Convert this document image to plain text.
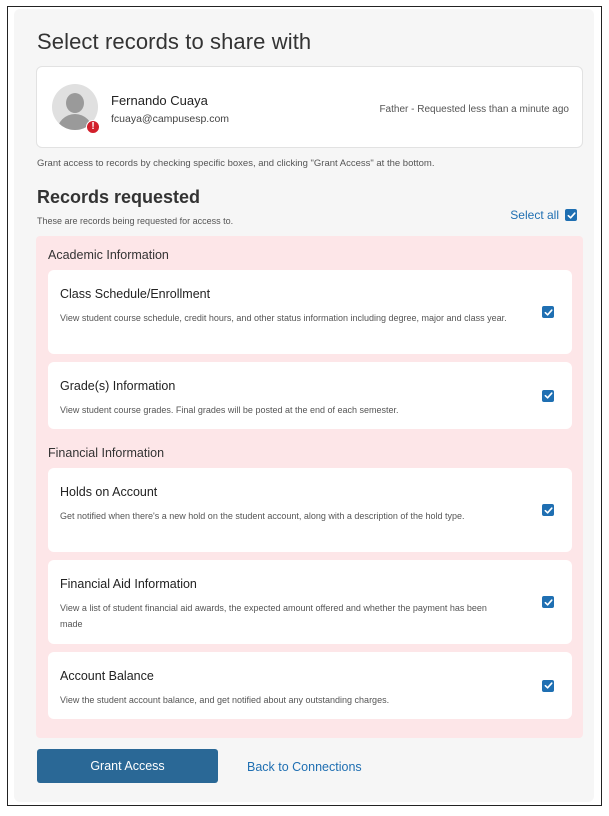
Select records to share with
!
Fernando Cuaya
fcuaya@campusesp.com
Father - Requested less than a minute ago
Grant access to records by checking specific boxes, and clicking "Grant Access" at the bottom.
Records requested
These are records being requested for access to.	Select all
Academic Information
Class Schedule/Enrollment
View student course schedule, credit hours, and other status information including degree, major and class year.
Grade(s) Information
View student course grades. Final grades will be posted at the end of each semester.
Financial Information
Holds on Account
Get notified when there's a new hold on the student account, along with a description of the hold type.
Financial Aid Information
View a list of student financial aid awards, the expected amount offered and whether the payment has been made
Account Balance
View the student account balance, and get notified about any outstanding charges.
Grant Access	Back to Connections
